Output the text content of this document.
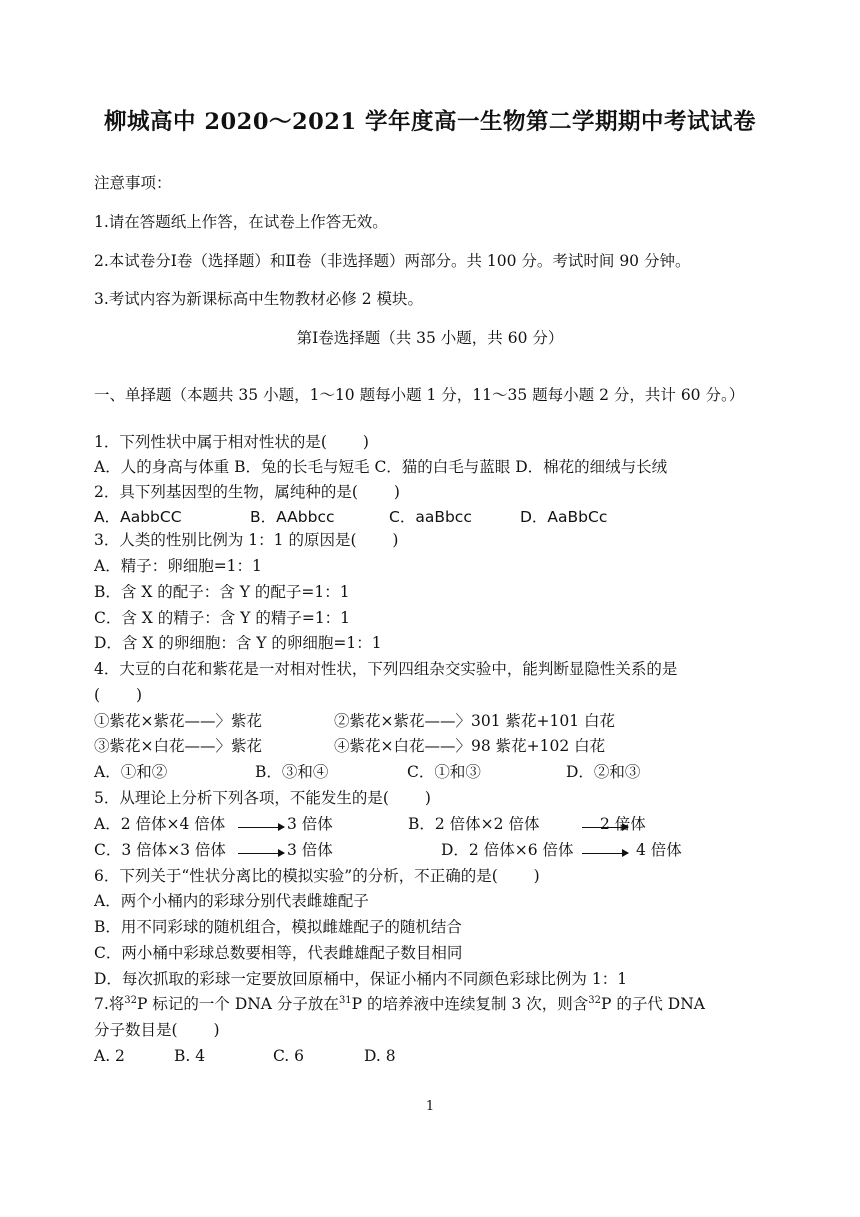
柳城高中 2020～2021 学年度高一生物第二学期期中考试试卷
注意事项：
1.请在答题纸上作答，在试卷上作答无效。
2.本试卷分Ⅰ卷（选择题）和Ⅱ卷（非选择题）两部分。共 100 分。考试时间 90 分钟。
3.考试内容为新课标高中生物教材必修 2 模块。
第Ⅰ卷选择题（共 35 小题，共 60 分）
一、单择题（本题共 35 小题，1～10 题每小题 1 分，11～35 题每小题 2 分，共计 60 分。）
1．下列性状中属于相对性状的是(　　 )
A．人的身高与体重 B．兔的长毛与短毛 C．猫的白毛与蓝眼 D．棉花的细绒与长绒
2．具下列基因型的生物，属纯种的是(　　 )
A．AabbCC	B．AAbbcc	C．aaBbcc	D．AaBbCc
3．人类的性别比例为 1：1 的原因是(　　 )
A．精子：卵细胞=1：1
B．含 X 的配子：含 Y 的配子=1：1
C．含 X 的精子：含 Y 的精子=1：1
D．含 X 的卵细胞：含 Y 的卵细胞=1：1
4．大豆的白花和紫花是一对相对性状，下列四组杂交实验中，能判断显隐性关系的是
(　　 )
①紫花×紫花——〉紫花	②紫花×紫花——〉301 紫花+101 白花
③紫花×白花——〉紫花	④紫花×白花——〉98 紫花+102 白花
A．①和②	B．③和④	C．①和③	D．②和③
5．从理论上分析下列各项，不能发生的是(　　 )
A．2 倍体×4 倍体	3 倍体	B．2 倍体×2 倍体	2 倍体
C．3 倍体×3 倍体	3 倍体	D．2 倍体×6 倍体	4 倍体
6．下列关于“性状分离比的模拟实验”的分析，不正确的是(　　 )
A．两个小桶内的彩球分别代表雌雄配子
B．用不同彩球的随机组合，模拟雌雄配子的随机结合
C．两小桶中彩球总数要相等，代表雌雄配子数目相同
D．每次抓取的彩球一定要放回原桶中，保证小桶内不同颜色彩球比例为 1：1
7.将$^{32}$P 标记的一个 DNA 分子放在$^{31}$P 的培养液中连续复制 3 次，则含$^{32}$P 的子代 DNA
分子数目是(　　 )
A. 2	B. 4	C. 6	D. 8
1
